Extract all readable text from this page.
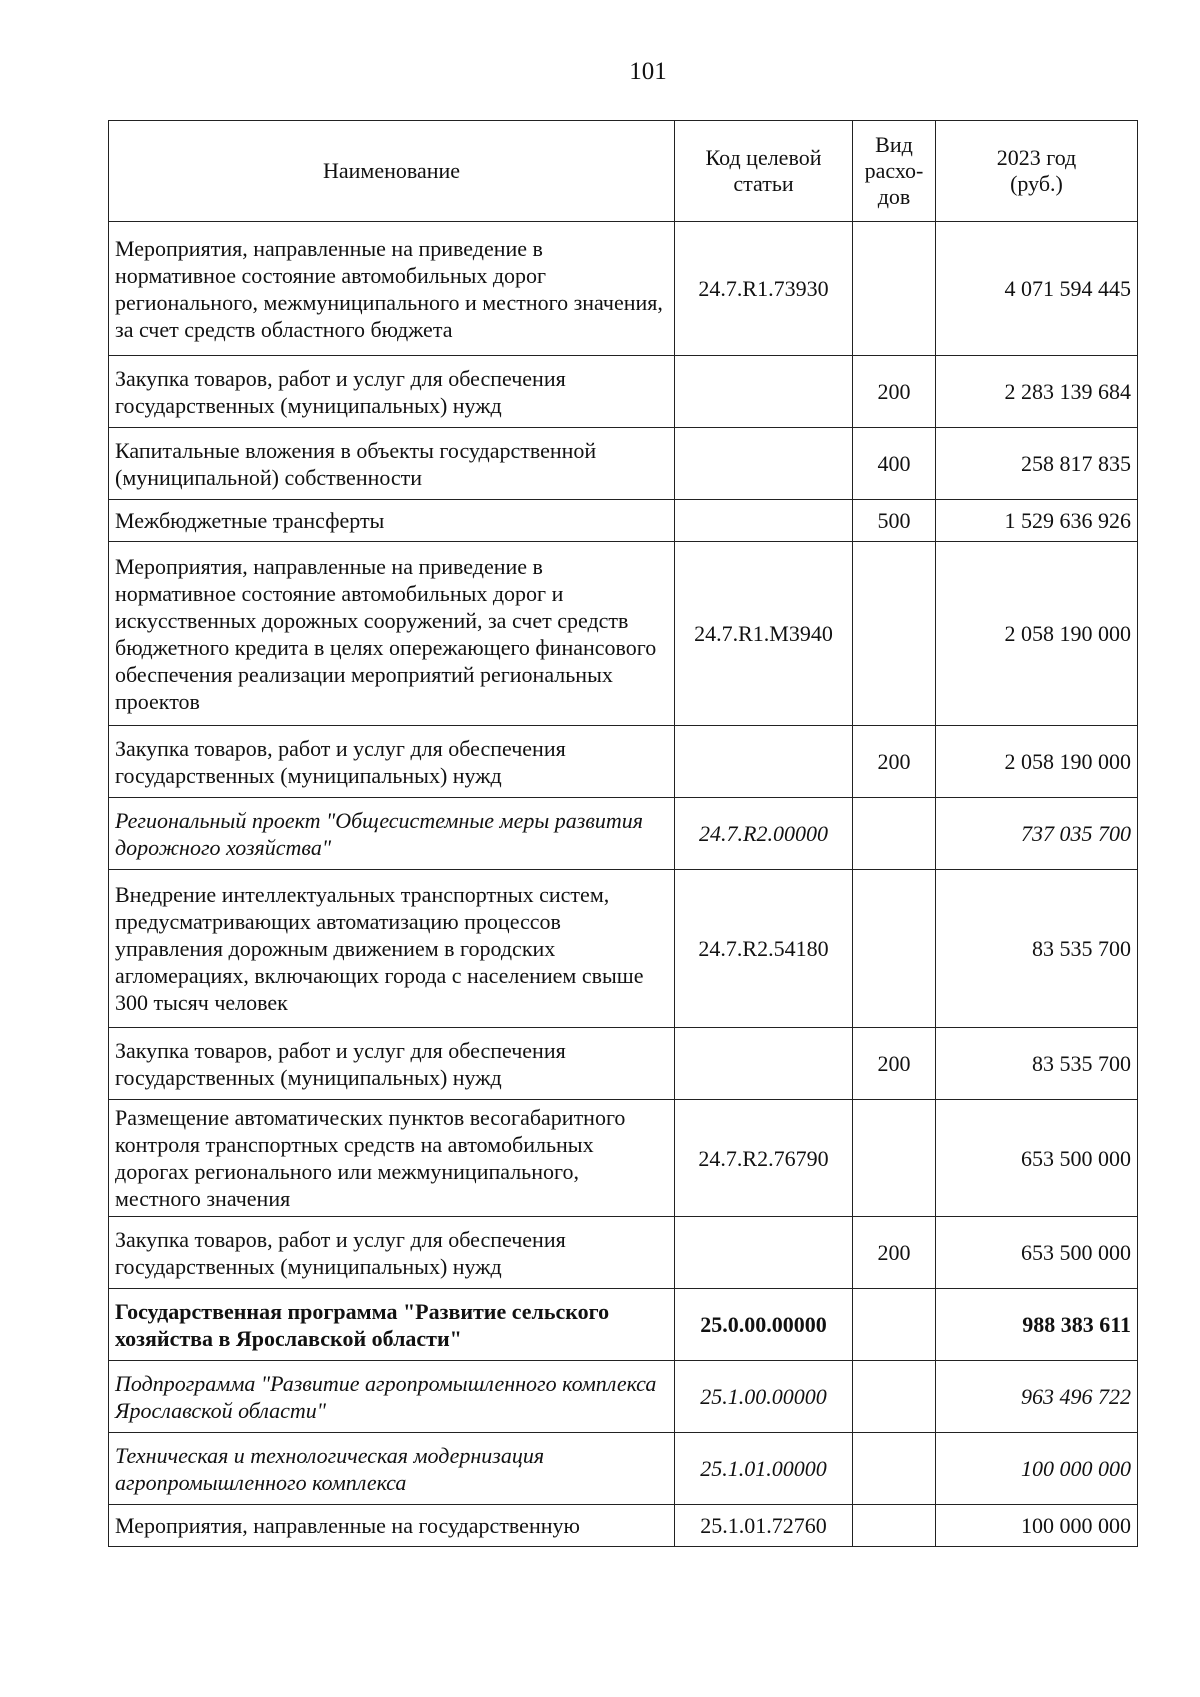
101
Наименование	Код целевой статьи	Вид расхо-дов	2023 год (руб.)

Мероприятия, направленные на приведение в нормативное состояние автомобильных дорог регионального, межмуниципального и местного значения, за счет средств областного бюджета	24.7.R1.73930		4 071 594 445
Закупка товаров, работ и услуг для обеспечения государственных (муниципальных) нужд		200	2 283 139 684
Капитальные вложения в объекты государственной (муниципальной) собственности		400	258 817 835
Межбюджетные трансферты		500	1 529 636 926
Мероприятия, направленные на приведение в нормативное состояние автомобильных дорог и искусственных дорожных сооружений, за счет средств бюджетного кредита в целях опережающего финансового обеспечения реализации мероприятий региональных проектов	24.7.R1.M3940		2 058 190 000
Закупка товаров, работ и услуг для обеспечения государственных (муниципальных) нужд		200	2 058 190 000
Региональный проект "Общесистемные меры развития дорожного хозяйства"	24.7.R2.00000		737 035 700
Внедрение интеллектуальных транспортных систем, предусматривающих автоматизацию процессов управления дорожным движением в городских агломерациях, включающих города с населением свыше 300 тысяч человек	24.7.R2.54180		83 535 700
Закупка товаров, работ и услуг для обеспечения государственных (муниципальных) нужд		200	83 535 700
Размещение автоматических пунктов весогабаритного контроля транспортных средств на автомобильных дорогах регионального или межмуниципального, местного значения	24.7.R2.76790		653 500 000
Закупка товаров, работ и услуг для обеспечения государственных (муниципальных) нужд		200	653 500 000
Государственная программа "Развитие сельского хозяйства в Ярославской области"	25.0.00.00000		988 383 611
Подпрограмма "Развитие агропромышленного комплекса Ярославской области"	25.1.00.00000		963 496 722
Техническая и технологическая модернизация агропромышленного комплекса	25.1.01.00000		100 000 000
Мероприятия, направленные на государственную	25.1.01.72760		100 000 000
